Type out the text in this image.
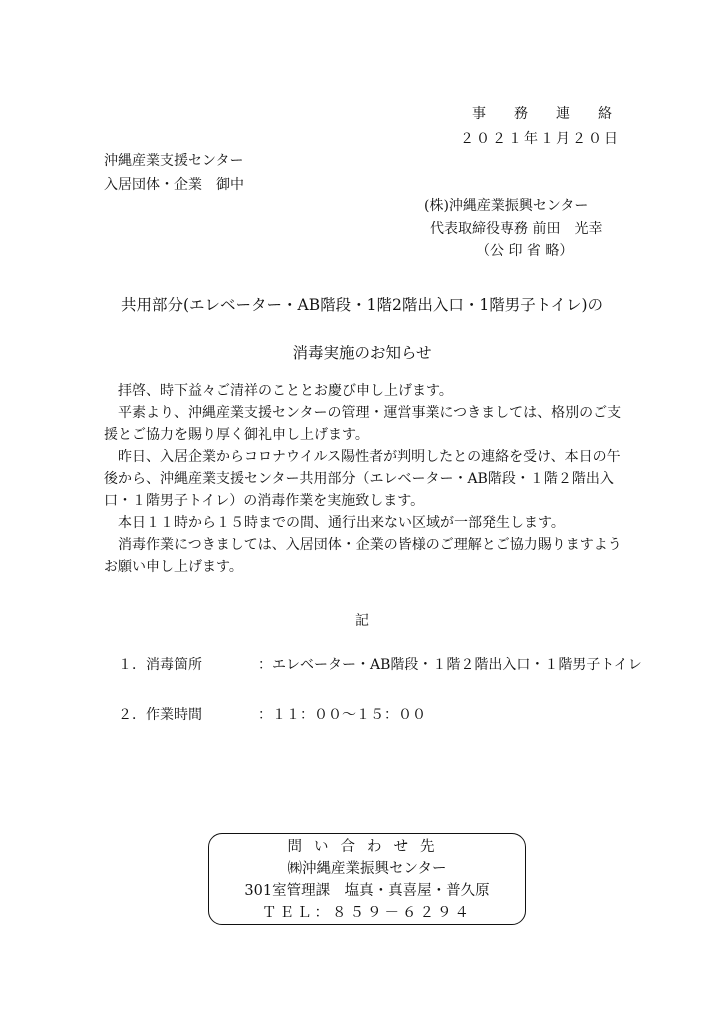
事務連絡
２０２１年１月２０日
沖縄産業支援センター
入居団体・企業　御中
(株)沖縄産業振興センター
代表取締役専務 前田　光幸
（公 印 省 略）
共用部分(エレベーター・AB階段・1階2階出入口・1階男子トイレ)の
消毒実施のお知らせ

拝啓、時下益々ご清祥のこととお慶び申し上げます。

平素より、沖縄産業支援センターの管理・運営事業につきましては、格別のご支援とご協力を賜り厚く御礼申し上げます。

昨日、入居企業からコロナウイルス陽性者が判明したとの連絡を受け、本日の午後から、沖縄産業支援センター共用部分（エレベーター・AB階段・１階２階出入口・１階男子トイレ）の消毒作業を実施致します。

本日１１時から１５時までの間、通行出来ない区域が一部発生します。

消毒作業につきましては、入居団体・企業の皆様のご理解とご協力賜りますようお願い申し上げます。

記
１．消毒箇所　	：エレベーター・AB階段・１階２階出入口・１階男子トイレ
２．作業時間　	：１１：００～１５：００
問い合わせ先
㈱沖縄産業振興センター
301室管理課　塩真・真喜屋・普久原
ＴＥＬ：８５９－６２９４
